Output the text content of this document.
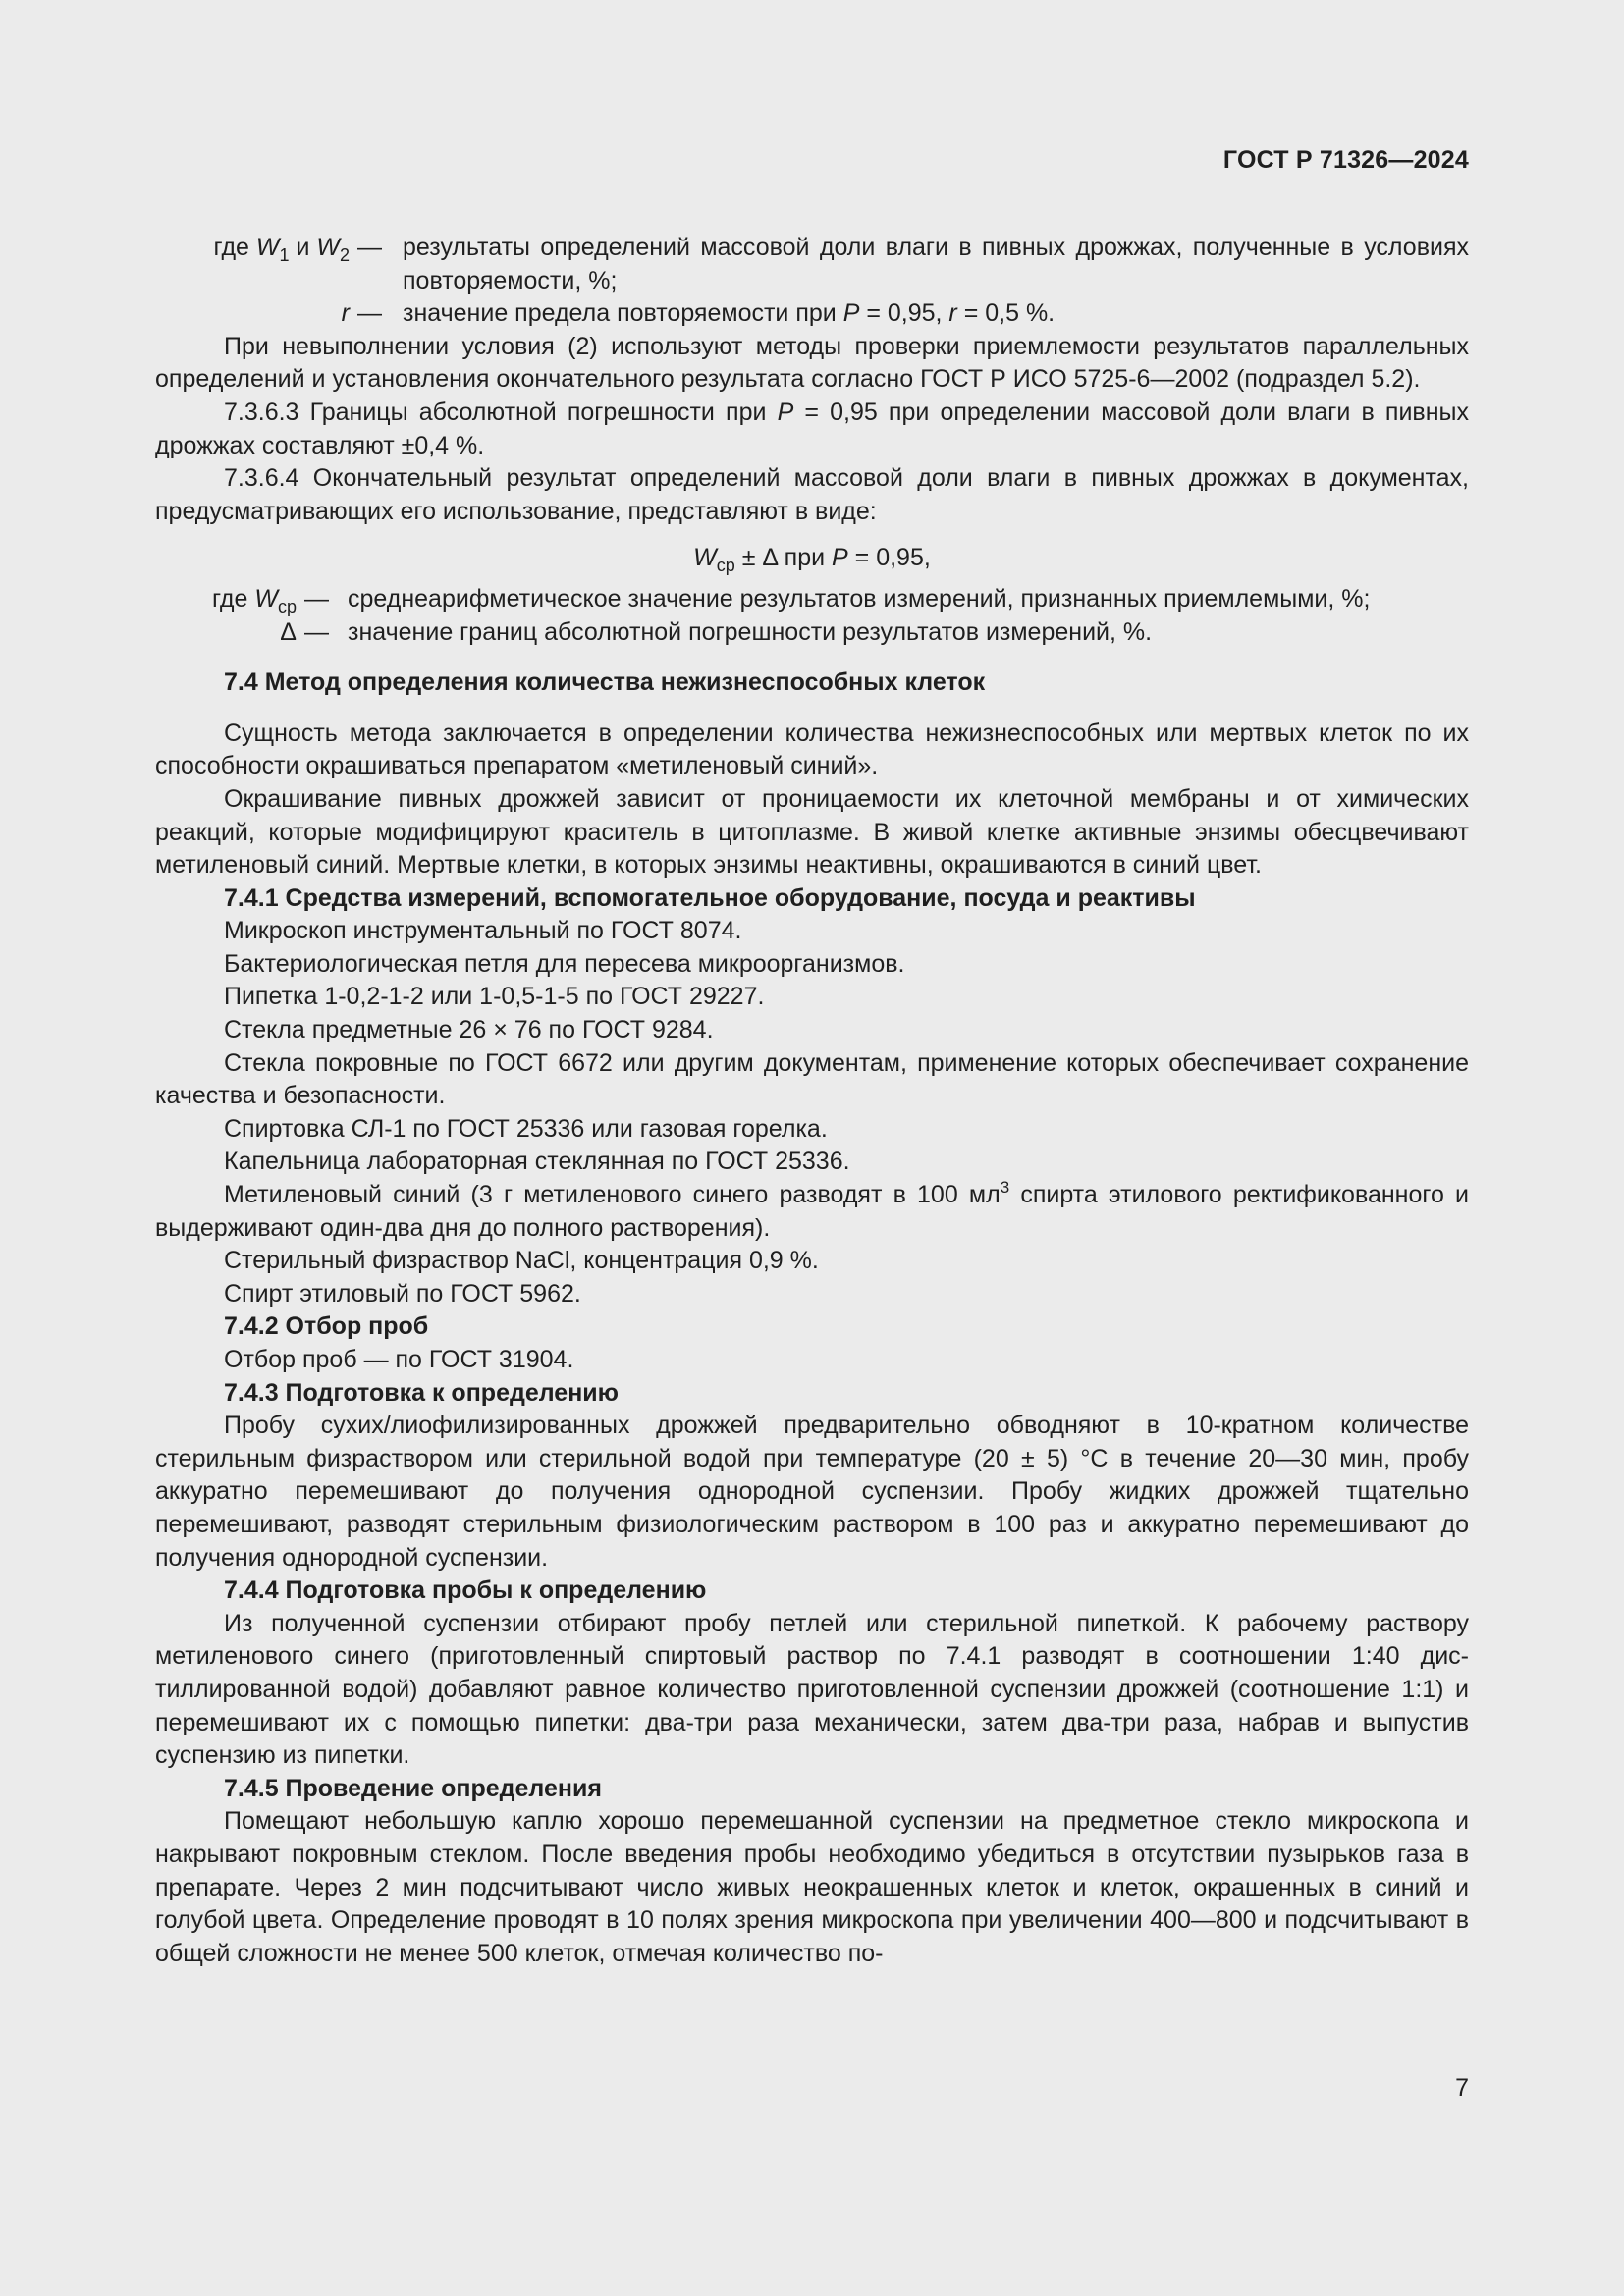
ГОСТ Р 71326—2024
где $W_1$ и $W_2$ — результаты определений массовой доли влаги в пивных дрожжах, полученные в условиях повторяемости, %;
r — значение предела повторяемости при P = 0,95, r = 0,5 %.

При невыполнении условия (2) используют методы проверки приемлемости результатов параллельных определений и установления окончательного результата согласно ГОСТ Р ИСО 5725-6—2002 (подраздел 5.2).

7.3.6.3 Границы абсолютной погрешности при P = 0,95 при определении массовой доли влаги в пивных дрожжах составляют ±0,4 %.

7.3.6.4 Окончательный результат определений массовой доли влаги в пивных дрожжах в документах, предусматривающих его использование, представляют в виде:

$W_{ср} \pm \Delta$ при P = 0,95,

где $W_{ср}$ — среднеарифметическое значение результатов измерений, признанных приемлемыми, %;
Δ — значение границ абсолютной погрешности результатов измерений, %.

7.4 Метод определения количества нежизнеспособных клеток

Сущность метода заключается в определении количества нежизнеспособных или мертвых клеток по их способности окрашиваться препаратом «метиленовый синий».

Окрашивание пивных дрожжей зависит от проницаемости их клеточной мембраны и от химических реакций, которые модифицируют краситель в цитоплазме. В живой клетке активные энзимы обесцвечивают метиленовый синий. Мертвые клетки, в которых энзимы неактивны, окрашиваются в синий цвет.

7.4.1 Средства измерений, вспомогательное оборудование, посуда и реактивы

Микроскоп инструментальный по ГОСТ 8074.

Бактериологическая петля для пересева микроорганизмов.

Пипетка 1-0,2-1-2 или 1-0,5-1-5 по ГОСТ 29227.

Стекла предметные 26 × 76 по ГОСТ 9284.

Стекла покровные по ГОСТ 6672 или другим документам, применение которых обеспечивает сохранение качества и безопасности.

Спиртовка СЛ-1 по ГОСТ 25336 или газовая горелка.

Капельница лабораторная стеклянная по ГОСТ 25336.

Метиленовый синий (3 г метиленового синего разводят в 100 $мл^3$ спирта этилового ректификованного и выдерживают один-два дня до полного растворения).

Стерильный физраствор NaCl, концентрация 0,9 %.

Спирт этиловый по ГОСТ 5962.

7.4.2 Отбор проб

Отбор проб — по ГОСТ 31904.

7.4.3 Подготовка к определению

Пробу сухих/лиофилизированных дрожжей предварительно обводняют в 10-кратном количестве стерильным физраствором или стерильной водой при температуре (20 ± 5) °С в течение 20—30 мин, пробу аккуратно перемешивают до получения однородной суспензии. Пробу жидких дрожжей тщательно перемешивают, разводят стерильным физиологическим раствором в 100 раз и аккуратно перемешивают до получения однородной суспензии.

7.4.4 Подготовка пробы к определению

Из полученной суспензии отбирают пробу петлей или стерильной пипеткой. К рабочему раствору метиленового синего (приготовленный спиртовый раствор по 7.4.1 разводят в соотношении 1:40 дистиллированной водой) добавляют равное количество приготовленной суспензии дрожжей (соотношение 1:1) и перемешивают их с помощью пипетки: два-три раза механически, затем два-три раза, набрав и выпустив суспензию из пипетки.

7.4.5 Проведение определения

Помещают небольшую каплю хорошо перемешанной суспензии на предметное стекло микроскопа и накрывают покровным стеклом. После введения пробы необходимо убедиться в отсутствии пузырьков газа в препарате. Через 2 мин подсчитывают число живых неокрашенных клеток и клеток, окрашенных в синий и голубой цвета. Определение проводят в 10 полях зрения микроскопа при увеличении 400—800 и подсчитывают в общей сложности не менее 500 клеток, отмечая количество по-

7
